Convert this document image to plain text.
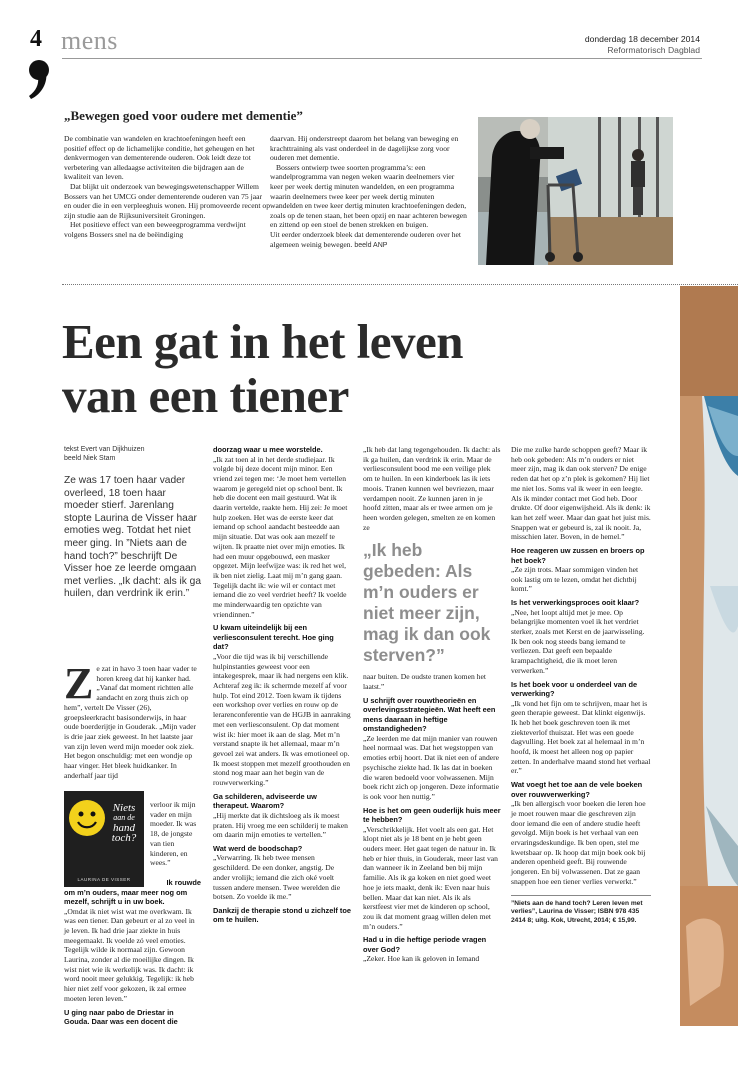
4 mens	donderdag 18 december 2014
Reformatorisch Dagblad
„Bewegen goed voor oudere met dementie”

De combinatie van wandelen en krachtoefeningen heeft een positief effect op de lichamelijke conditie, het geheugen en het denkvermogen van dementerende ouderen. Ook leidt deze tot verbetering van alledaagse activiteiten die bijdragen aan de kwaliteit van leven.

Dat blijkt uit onderzoek van bewegingswetenschapper Willem Bossers van het UMCG onder dementerende ouderen van 75 jaar en ouder die in een verpleeghuis wonen. Hij promoveerde recent op zijn studie aan de Rijksuniversiteit Groningen.

Het positieve effect van een beweegprogramma verdwijnt volgens Bossers snel na de beëindiging

daarvan. Hij onderstreept daarom het belang van beweging en krachttraining als vast onderdeel in de dagelijkse zorg voor ouderen met dementie.

Bossers ontwierp twee soorten programma’s: een wandelprogramma van negen weken waarin deelnemers vier keer per week dertig minuten wandelden, en een programma waarin deelnemers twee keer per week dertig minuten wandelden en twee keer dertig minuten krachtoefeningen deden, zoals op de tenen staan, het been opzij en naar achteren bewegen en zittend op een stoel de benen strekken en buigen.

Uit eerder onderzoek bleek dat dementerende ouderen over het algemeen weinig bewegen. beeld ANP
Een gat in het leven
van een tiener
tekst Evert van Dijkhuizen
beeld Niek Stam
Ze was 17 toen haar vader overleed, 18 toen haar moeder stierf. Jarenlang stopte Laurina de Visser haar emoties weg. Totdat het niet meer ging. In ”Niets aan de hand toch?” beschrijft De Visser hoe ze leerde omgaan met verlies. „Ik dacht: als ik ga huilen, dan verdrink ik erin.”
Z e zat in havo 3 toen haar vader te horen kreeg dat hij kanker had. „Vanaf dat moment richtten alle aandacht en zorg thuis zich op hem”, vertelt De Visser (26), groepsleerkracht basisonderwijs, in haar oude boerderijtje in Gouderak. „Mijn vader is drie jaar ziek geweest. In het laatste jaar van zijn leven werd mijn moeder ook ziek. Het begon onschuldig: met een wondje op haar vinger. Het bleek huidkanker. In anderhalf jaar tijd
Niets
aan de
hand
toch?
LAURINA DE VISSER

verloor ik mijn vader en mijn moeder. Ik was 18, de jongste van tien kinderen, en wees.”

Ik rouwde
om m’n ouders, maar meer nog om mezelf, schrijft u in uw boek.

„Omdat ik niet wist wat me overkwam. Ik was een tiener. Dan gebeurt er al zo veel in je leven. Ik had drie jaar ziekte in huis meegemaakt. Ik voelde zó veel emoties. Tegelijk wilde ik normaal zijn. Gewoon Laurina, zonder al die moeilijke dingen. Ik wist niet wie ik werkelijk was. Ik dacht: ik word nooit meer gelukkig. Tegelijk: ik heb hier niet zelf voor gekozen, ik zal ermee moeten leren leven.”

U ging naar pabo de Driestar in Gouda. Daar was een docent die
doorzag waar u mee worstelde.

„Ik zat toen al in het derde studiejaar. Ik volgde bij deze docent mijn minor. Een vriend zei tegen me: ‘Je moet hem vertellen waarom je geregeld niet op school bent. Ik heb die docent een mail gestuurd. Wat ik daarin vertelde, raakte hem. Hij zei: Je moet hulp zoeken. Het was de eerste keer dat iemand op school aandacht besteedde aan mijn situatie. Dat was ook aan mezelf te wijten. Ik praatte niet over mijn emoties. Ik had een muur opgebouwd, een masker opgezet. Mijn leefwijze was: ik red het wel, ik ben niet zielig. Laat mij m’n gang gaan. Tegelijk dacht ik: wie wil er contact met iemand die zo veel verdriet heeft? Ik voelde me minderwaardig ten opzichte van vriendinnen.”

U kwam uiteindelijk bij een verliesconsulent terecht. Hoe ging dat?

„Voor die tijd was ik bij verschillende hulpinstanties geweest voor een intakegesprek, maar ik had nergens een klik. Achteraf zeg ik: ik schermde mezelf af voor hulp. Tot eind 2012. Toen kwam ik tijdens een workshop over verlies en rouw op de lerarenconferentie van de HGJB in aanraking met een verliesconsulent. Op dat moment wist ik: hier moet ik aan de slag. Met m’n verstand snapte ik het allemaal, maar m’n gevoel zei wat anders. Ik was emotioneel op. Ik moest stoppen met mezelf groothouden en stond nog maar aan het begin van de rouwverwerking.”

Ga schilderen, adviseerde uw therapeut. Waarom?

„Hij merkte dat ik dichtsloeg als ik moest praten. Hij vroeg me een schilderij te maken om daarin mijn emoties te vertellen.”

Wat werd de boodschap?

„Verwarring. Ik heb twee mensen geschilderd. De een donker, angstig. De ander vrolijk; iemand die zich oké voelt tussen andere mensen. Twee werelden die botsen. Zo voelde ik me.”

Dankzij de therapie stond u zichzelf toe om te huilen.

„Ik heb dat lang tegengehouden. Ik dacht: als ik ga huilen, dan verdrink ik erin. Maar de verliesconsulent bood me een veilige plek om te huilen. In een kinderboek las ik iets moois. Tranen kunnen wel bevriezen, maar verdampen nooit. Ze kunnen jaren in je hoofd zitten, maar als er twee armen om je heen worden gelegen, smelten ze en komen ze

„Ik heb gebeden: Als m’n ouders er niet meer zijn, mag ik dan ook sterven?”

naar buiten. De oudste tranen komen het laatst.”

U schrijft over rouwtheorieën en overlevingsstrategieën. Wat heeft een mens daaraan in heftige omstandigheden?

„Ze leerden me dat mijn manier van rouwen heel normaal was. Dat het wegstoppen van emoties erbij hoort. Dat ik niet een of andere psychische ziekte had. Ik las dat in boeken die waren bedoeld voor volwassenen. Mijn boek richt zich op jongeren. Deze informatie is ook voor hen nuttig.”

Hoe is het om geen ouderlijk huis meer te hebben?

„Verschrikkelijk. Het voelt als een gat. Het klopt niet als je 18 bent en je hebt geen ouders meer. Het gaat tegen de natuur in. Ik heb er hier thuis, in Gouderak, meer last van dan wanneer ik in Zeeland ben bij mijn familie. Als ik ga koken en niet goed weet hoe je iets maakt, denk ik: Even naar huis bellen. Maar dat kan niet. Als ik als kerstfeest vier met de kinderen op school, zou ik dat moment graag willen delen met m’n ouders.”

Had u in die heftige periode vragen over God?

„Zeker. Hoe kan ik geloven in Iemand

Die me zulke harde schoppen geeft? Maar ik heb ook gebeden: Als m’n ouders er niet meer zijn, mag ik dan ook sterven? De enige reden dat het op z’n plek is gekomen? Hij liet me niet los. Soms val ik weer in een leegte. Als ik minder contact met God heb. Door drukte. Of door eigenwijsheid. Als ik denk: ik kan het zelf weer. Maar dan gaat het juist mis. Snappen wat er gebeurd is, zal ik nooit. Ja, misschien later. Boven, in de hemel.”

Hoe reageren uw zussen en broers op het boek?

„Ze zijn trots. Maar sommigen vinden het ook lastig om te lezen, omdat het dichtbij komt.”

Is het verwerkingsproces ooit klaar?

„Nee, het loopt altijd met je mee. Op belangrijke momenten voel ik het verdriet sterker, zoals met Kerst en de jaarwisseling. Ik ben ook nog steeds bang iemand te verliezen. Dat geeft een bepaalde krampachtigheid, die ik moet leren verwerken.”

Is het boek voor u onderdeel van de verwerking?

„Ik vond het fijn om te schrijven, maar het is geen therapie geweest. Dat klinkt eigenwijs. Ik heb het boek geschreven toen ik met ziekteverlof thuiszat. Het was een goede dagvulling. Het boek zat al helemaal in m’n hoofd, ik moest het alleen nog op papier zetten. In anderhalve maand stond het verhaal er.”

Wat voegt het toe aan de vele boeken over rouwverwerking?

„Ik ben allergisch voor boeken die leren hoe je moet rouwen maar die geschreven zijn door iemand die een of andere studie heeft gevolgd. Mijn boek is het verhaal van een ervaringsdeskundige. Ik ben open, stel me kwetsbaar op. Ik hoop dat mijn boek ook bij anderen openheid geeft. Bij rouwende jongeren. En bij volwassenen. Dat ze gaan snappen hoe een tiener verlies verwerkt.”

”Niets aan de hand toch? Leren leven met verlies”, Laurina de Visser; ISBN 978 435 2414 8; uitg. Kok, Utrecht, 2014; € 15,99.
